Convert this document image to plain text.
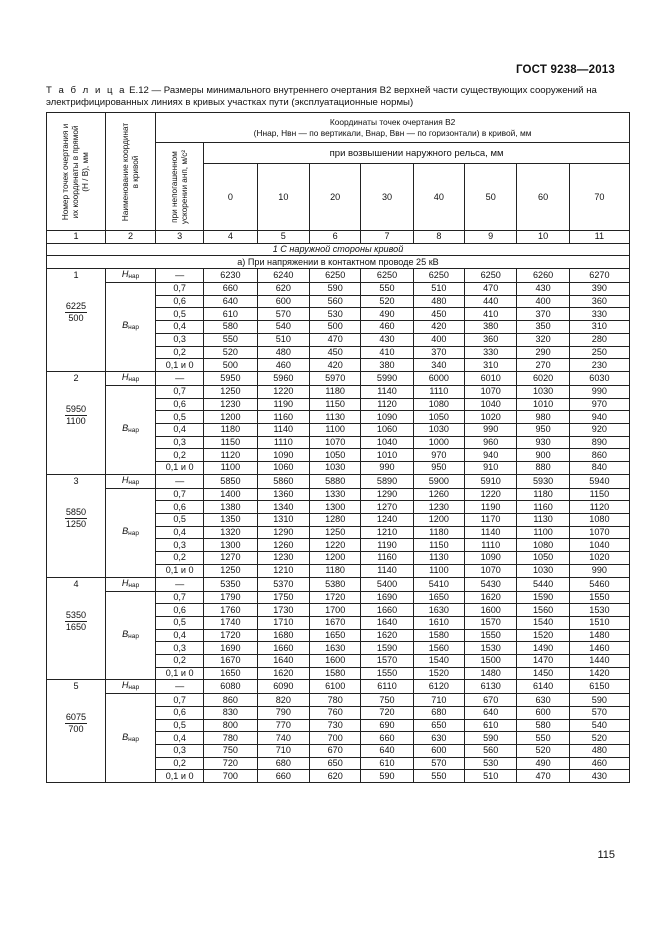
ГОСТ 9238—2013
Т а б л и ц а Е.12 — Размеры минимального внутреннего очертания В2 верхней части существующих сооружений на электрифицированных линиях в кривых участках пути (эксплуатационные нормы)
Номер точек очертания и их координаты в прямой (H / B), мм	Наименование координат в кривой	Координаты точек очертания В2
(Hнар, Hвн — по вертикали, Bнар, Bвн — по горизонтали) в кривой, мм								

		при непогашенном ускорении aнп, м/с²	при возвышении наружного рельса, мм							
			0	10	20	30	40	50	60	70
1	2	3	4	5	6	7	8	9	10	11
1 С наружной стороны кривой										
а) При напряжении в контактном проводе 25 кВ										

1
$\frac{6225}{500}$	$H_{нар}$	—	6230	6240	6250	6250	6250	6250	6260	6270
	$B_{нар}$	0,7	660	620	590	550	510	470	430	390
		0,6	640	600	560	520	480	440	400	360
		0,5	610	570	530	490	450	410	370	330
		0,4	580	540	500	460	420	380	350	310
		0,3	550	510	470	430	400	360	320	280
		0,2	520	480	450	410	370	330	290	250
		0,1 и 0	500	460	420	380	340	310	270	230

2
$\frac{5950}{1100}$	$H_{нар}$	—	5950	5960	5970	5990	6000	6010	6020	6030
	$B_{нар}$	0,7	1250	1220	1180	1140	1110	1070	1030	990
		0,6	1230	1190	1150	1120	1080	1040	1010	970
		0,5	1200	1160	1130	1090	1050	1020	980	940
		0,4	1180	1140	1100	1060	1030	990	950	920
		0,3	1150	1110	1070	1040	1000	960	930	890
		0,2	1120	1090	1050	1010	970	940	900	860
		0,1 и 0	1100	1060	1030	990	950	910	880	840

3
$\frac{5850}{1250}$	$H_{нар}$	—	5850	5860	5880	5890	5900	5910	5930	5940
	$B_{нар}$	0,7	1400	1360	1330	1290	1260	1220	1180	1150
		0,6	1380	1340	1300	1270	1230	1190	1160	1120
		0,5	1350	1310	1280	1240	1200	1170	1130	1080
		0,4	1320	1290	1250	1210	1180	1140	1100	1070
		0,3	1300	1260	1220	1190	1150	1110	1080	1040
		0,2	1270	1230	1200	1160	1130	1090	1050	1020
		0,1 и 0	1250	1210	1180	1140	1100	1070	1030	990

4
$\frac{5350}{1650}$	$H_{нар}$	—	5350	5370	5380	5400	5410	5430	5440	5460
	$B_{нар}$	0,7	1790	1750	1720	1690	1650	1620	1590	1550
		0,6	1760	1730	1700	1660	1630	1600	1560	1530
		0,5	1740	1710	1670	1640	1610	1570	1540	1510
		0,4	1720	1680	1650	1620	1580	1550	1520	1480
		0,3	1690	1660	1630	1590	1560	1530	1490	1460
		0,2	1670	1640	1600	1570	1540	1500	1470	1440
		0,1 и 0	1650	1620	1580	1550	1520	1480	1450	1420

5
$\frac{6075}{700}$	$H_{нар}$	—	6080	6090	6100	6110	6120	6130	6140	6150
	$B_{нар}$	0,7	860	820	780	750	710	670	630	590
		0,6	830	790	760	720	680	640	600	570
		0,5	800	770	730	690	650	610	580	540
		0,4	780	740	700	660	630	590	550	520
		0,3	750	710	670	640	600	560	520	480
		0,2	720	680	650	610	570	530	490	460
		0,1 и 0	700	660	620	590	550	510	470	430
115
